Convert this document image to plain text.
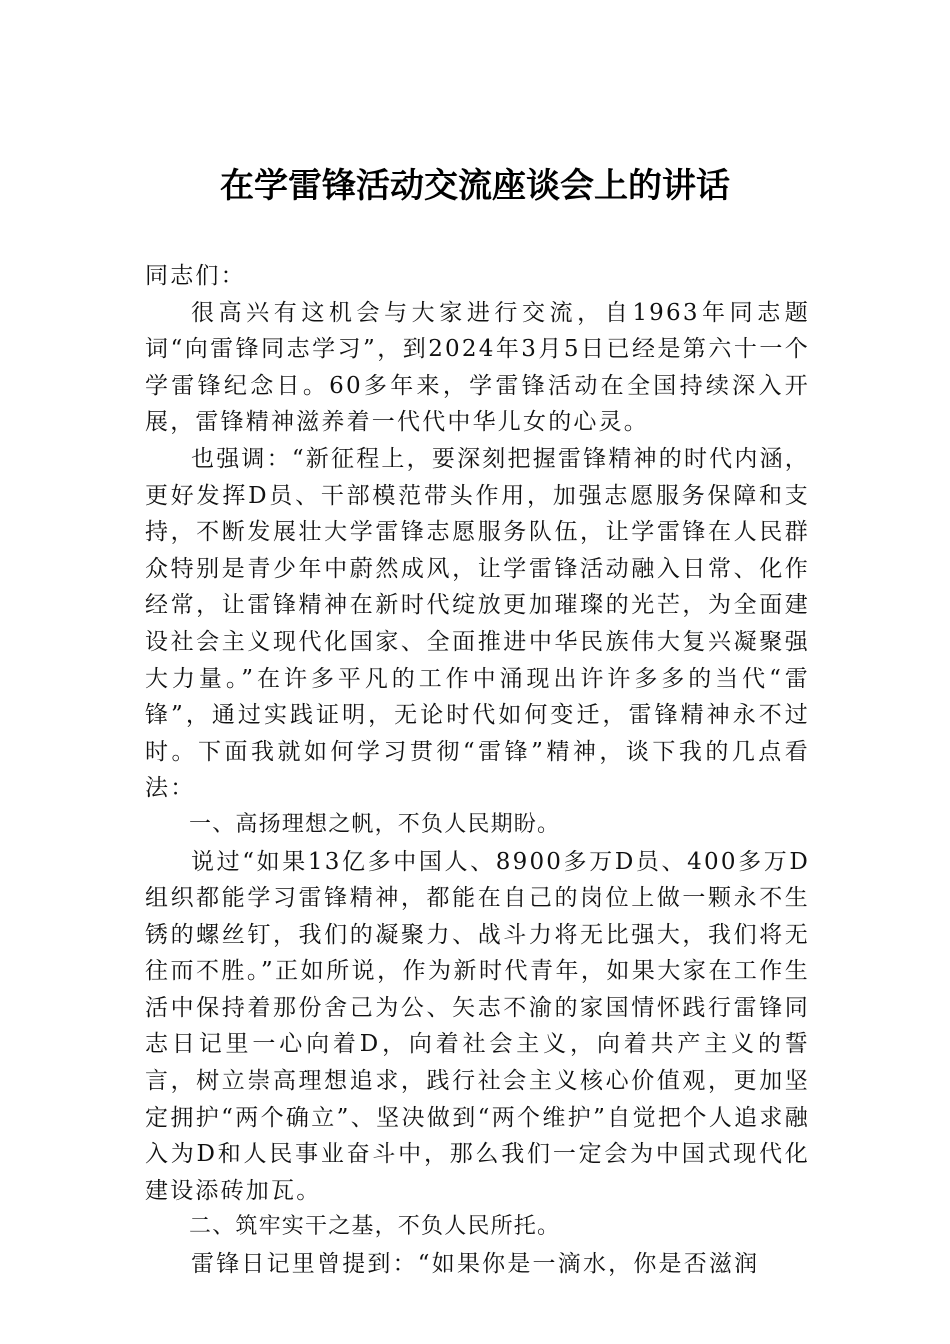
在学雷锋活动交流座谈会上的讲话

同志们：

很高兴有这机会与大家进行交流，自1963年同志题词“向雷锋同志学习”，到2024年3月5日已经是第六十一个学雷锋纪念日。60多年来，学雷锋活动在全国持续深入开展，雷锋精神滋养着一代代中华儿女的心灵。

也强调：“新征程上，要深刻把握雷锋精神的时代内涵，更好发挥D员、干部模范带头作用，加强志愿服务保障和支持，不断发展壮大学雷锋志愿服务队伍，让学雷锋在人民群众特别是青少年中蔚然成风，让学雷锋活动融入日常、化作经常，让雷锋精神在新时代绽放更加璀璨的光芒，为全面建设社会主义现代化国家、全面推进中华民族伟大复兴凝聚强大力量。”在许多平凡的工作中涌现出许许多多的当代“雷锋”，通过实践证明，无论时代如何变迁，雷锋精神永不过时。下面我就如何学习贯彻“雷锋”精神，谈下我的几点看法：

一、高扬理想之帆，不负人民期盼。

说过“如果13亿多中国人、8900多万D员、400多万D组织都能学习雷锋精神，都能在自己的岗位上做一颗永不生锈的螺丝钉，我们的凝聚力、战斗力将无比强大，我们将无往而不胜。”正如所说，作为新时代青年，如果大家在工作生活中保持着那份舍己为公、矢志不渝的家国情怀践行雷锋同志日记里一心向着D，向着社会主义，向着共产主义的誓言，树立崇高理想追求，践行社会主义核心价值观，更加坚定拥护“两个确立”、坚决做到“两个维护”自觉把个人追求融入为D和人民事业奋斗中，那么我们一定会为中国式现代化建设添砖加瓦。

二、筑牢实干之基，不负人民所托。

雷锋日记里曾提到：“如果你是一滴水，你是否滋润
